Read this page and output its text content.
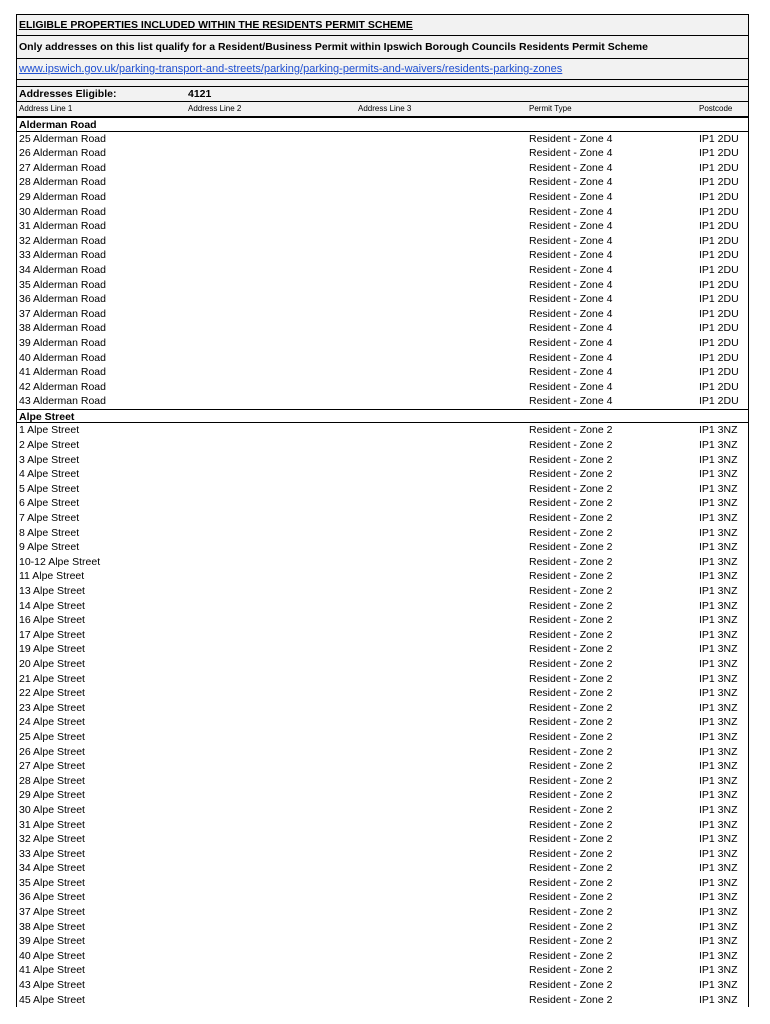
ELIGIBLE PROPERTIES INCLUDED WITHIN THE RESIDENTS PERMIT SCHEME
Only addresses on this list qualify for a Resident/Business Permit within Ipswich Borough Councils Residents Permit Scheme
www.ipswich.gov.uk/parking-transport-and-streets/parking/parking-permits-and-waivers/residents-parking-zones
Addresses Eligible:	4121
Address Line 1	Address Line 2	Address Line 3	Permit Type	Postcode
Alderman Road
25 Alderman Road	Resident - Zone 4	IP1 2DU
26 Alderman Road	Resident - Zone 4	IP1 2DU
27 Alderman Road	Resident - Zone 4	IP1 2DU
28 Alderman Road	Resident - Zone 4	IP1 2DU
29 Alderman Road	Resident - Zone 4	IP1 2DU
30 Alderman Road	Resident - Zone 4	IP1 2DU
31 Alderman Road	Resident - Zone 4	IP1 2DU
32 Alderman Road	Resident - Zone 4	IP1 2DU
33 Alderman Road	Resident - Zone 4	IP1 2DU
34 Alderman Road	Resident - Zone 4	IP1 2DU
35 Alderman Road	Resident - Zone 4	IP1 2DU
36 Alderman Road	Resident - Zone 4	IP1 2DU
37 Alderman Road	Resident - Zone 4	IP1 2DU
38 Alderman Road	Resident - Zone 4	IP1 2DU
39 Alderman Road	Resident - Zone 4	IP1 2DU
40 Alderman Road	Resident - Zone 4	IP1 2DU
41 Alderman Road	Resident - Zone 4	IP1 2DU
42 Alderman Road	Resident - Zone 4	IP1 2DU
43 Alderman Road	Resident - Zone 4	IP1 2DU
Alpe Street
1 Alpe Street	Resident - Zone 2	IP1 3NZ
2 Alpe Street	Resident - Zone 2	IP1 3NZ
3 Alpe Street	Resident - Zone 2	IP1 3NZ
4 Alpe Street	Resident - Zone 2	IP1 3NZ
5 Alpe Street	Resident - Zone 2	IP1 3NZ
6 Alpe Street	Resident - Zone 2	IP1 3NZ
7 Alpe Street	Resident - Zone 2	IP1 3NZ
8 Alpe Street	Resident - Zone 2	IP1 3NZ
9 Alpe Street	Resident - Zone 2	IP1 3NZ
10-12 Alpe Street	Resident - Zone 2	IP1 3NZ
11 Alpe Street	Resident - Zone 2	IP1 3NZ
13 Alpe Street	Resident - Zone 2	IP1 3NZ
14 Alpe Street	Resident - Zone 2	IP1 3NZ
16 Alpe Street	Resident - Zone 2	IP1 3NZ
17 Alpe Street	Resident - Zone 2	IP1 3NZ
19 Alpe Street	Resident - Zone 2	IP1 3NZ
20 Alpe Street	Resident - Zone 2	IP1 3NZ
21 Alpe Street	Resident - Zone 2	IP1 3NZ
22 Alpe Street	Resident - Zone 2	IP1 3NZ
23 Alpe Street	Resident - Zone 2	IP1 3NZ
24 Alpe Street	Resident - Zone 2	IP1 3NZ
25 Alpe Street	Resident - Zone 2	IP1 3NZ
26 Alpe Street	Resident - Zone 2	IP1 3NZ
27 Alpe Street	Resident - Zone 2	IP1 3NZ
28 Alpe Street	Resident - Zone 2	IP1 3NZ
29 Alpe Street	Resident - Zone 2	IP1 3NZ
30 Alpe Street	Resident - Zone 2	IP1 3NZ
31 Alpe Street	Resident - Zone 2	IP1 3NZ
32 Alpe Street	Resident - Zone 2	IP1 3NZ
33 Alpe Street	Resident - Zone 2	IP1 3NZ
34 Alpe Street	Resident - Zone 2	IP1 3NZ
35 Alpe Street	Resident - Zone 2	IP1 3NZ
36 Alpe Street	Resident - Zone 2	IP1 3NZ
37 Alpe Street	Resident - Zone 2	IP1 3NZ
38 Alpe Street	Resident - Zone 2	IP1 3NZ
39 Alpe Street	Resident - Zone 2	IP1 3NZ
40 Alpe Street	Resident - Zone 2	IP1 3NZ
41 Alpe Street	Resident - Zone 2	IP1 3NZ
43 Alpe Street	Resident - Zone 2	IP1 3NZ
45 Alpe Street	Resident - Zone 2	IP1 3NZ
